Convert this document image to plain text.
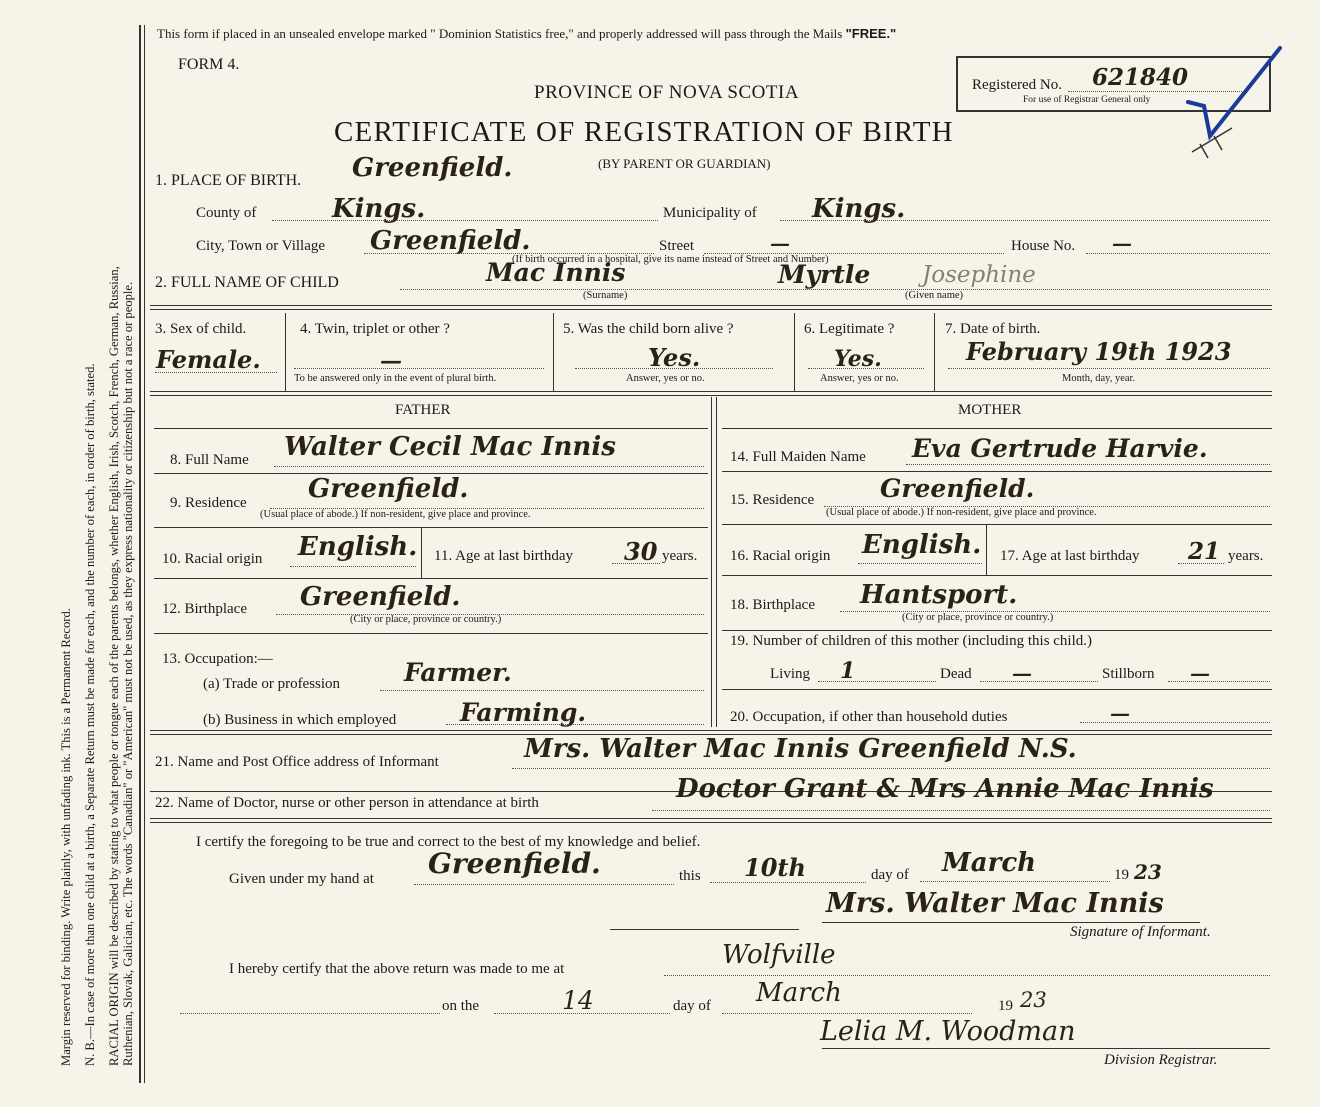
Margin reserved for binding. Write plainly, with unfading ink. This is a Permanent Record. N. B.—In case of more than one child at a birth, a Separate Return must be made for each, and the number of each, in order of birth, stated. RACIAL ORIGIN will be described by stating to what people or tongue each of the parents belongs, whether English, Irish, Scotch, French, German, Russian, Ruthenian, Slovak, Galician, etc. The words "Canadian" or "American" must not be used, as they express nationality or citizenship but not a race or people.
This form if placed in an unsealed envelope marked " Dominion Statistics free," and properly addressed will pass through the Mails "FREE."
FORM 4.
PROVINCE OF NOVA SCOTIA
CERTIFICATE OF REGISTRATION OF BIRTH
(BY PARENT OR GUARDIAN)
Registered No. 621840
For use of Registrar General only
1. PLACE OF BIRTH. Greenfield.
County of	Kings.	Municipality of Kings.
City, Town or Village Greenfield.	Street	—	House No. —
(If birth occurred in a hospital, give its name instead of Street and Number)
2. FULL NAME OF CHILD	Mac Innis
(Surname)
Myrtle Josephine
(Given name)
3. Sex of child.
Female.
4. Twin, triplet or other ?
—
To be answered only in the event of plural birth.
5. Was the child born alive ?
Yes.
Answer, yes or no.
6. Legitimate ?
Yes.
Answer, yes or no.
7. Date of birth.
February 19th 1923
Month, day, year.
FATHER	MOTHER
8. Full Name Walter Cecil Mac Innis	14. Full Maiden Name Eva Gertrude Harvie.
9. Residence Greenfield.
(Usual place of abode.) If non-resident, give place and province.
15. Residence	Greenfield.
(Usual place of abode.) If non-resident, give place and province.
10. Racial origin English. 11. Age at last birthday 30 years. 16. Racial origin English. 17. Age at last birthday 21 years.
12. Birthplace Greenfield.
(City or place, province or country.)
18. Birthplace Hantsport.
(City or place, province or country.)
13. Occupation:—
(a) Trade or profession	Farmer.
(b) Business in which employed	Farming.
19. Number of children of this mother (including this child.)
Living 1	Dead —	Stillborn —
20. Occupation, if other than household duties	—
21. Name and Post Office address of Informant	Mrs. Walter Mac Innis Greenfield N.S.
22. Name of Doctor, nurse or other person in attendance at birth	Doctor Grant & Mrs Annie Mac Innis
I certify the foregoing to be true and correct to the best of my knowledge and belief.
Given under my hand at Greenfield.	this 10th	day of March	19 23
Mrs. Walter Mac Innis
Signature of Informant.
I hereby certify that the above return was made to me at	Wolfville
on the	14	day of March	19 23
Lelia M. Woodman
Division Registrar.
